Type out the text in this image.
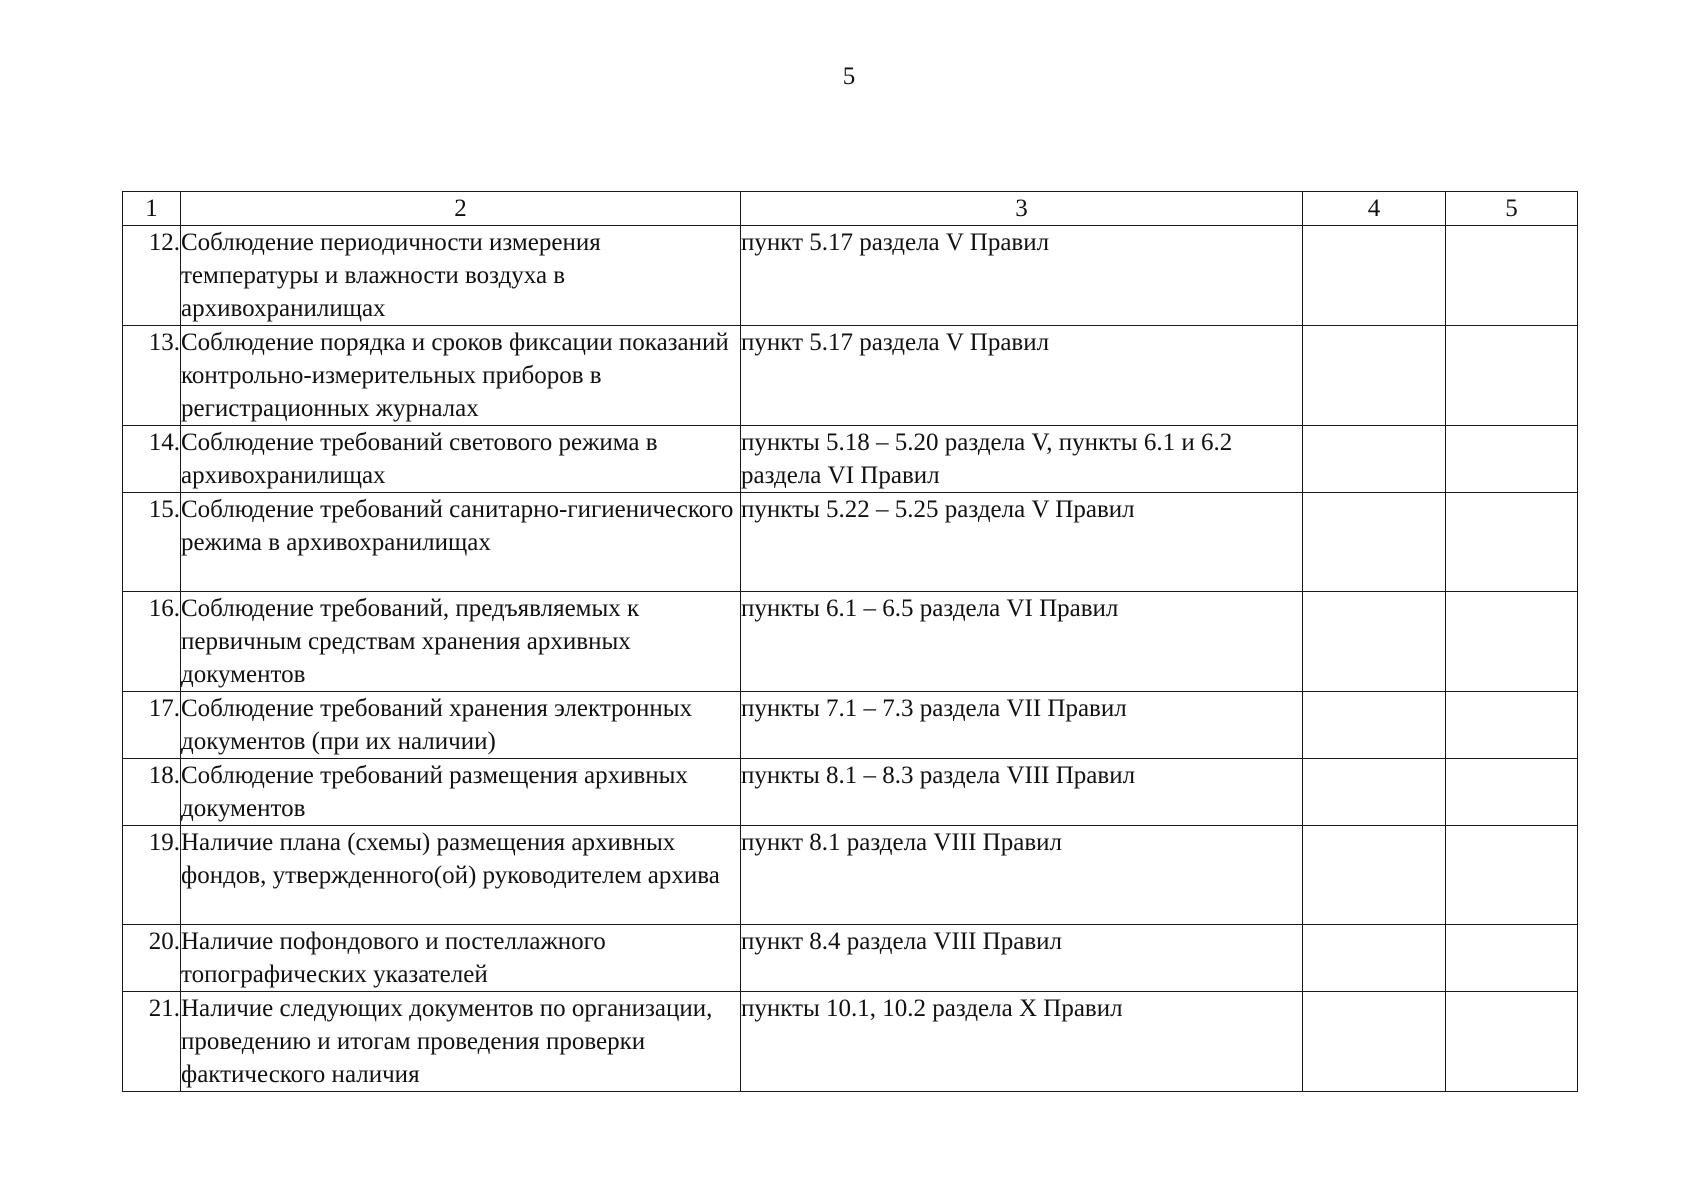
5
1	2	3	4	5
12.	Соблюдение периодичности измерения температуры и влажности воздуха в архивохранилищах	пункт 5.17 раздела V Правил		
13.	Соблюдение порядка и сроков фиксации показаний контрольно-измерительных приборов в регистрационных журналах	пункт 5.17 раздела V Правил		
14.	Соблюдение требований светового режима в архивохранилищах	пункты 5.18 – 5.20 раздела V, пункты 6.1 и 6.2 раздела VI Правил		
15.	Соблюдение требований санитарно-гигиенического режима в архивохранилищах	пункты 5.22 – 5.25 раздела V Правил		
16.	Соблюдение требований, предъявляемых к первичным средствам хранения архивных документов	пункты 6.1 – 6.5 раздела VI Правил		
17.	Соблюдение требований хранения электронных документов (при их наличии)	пункты 7.1 – 7.3 раздела VII Правил		
18.	Соблюдение требований размещения архивных документов	пункты 8.1 – 8.3 раздела VIII Правил		
19.	Наличие плана (схемы) размещения архивных фондов, утвержденного(ой) руководителем архива	пункт 8.1 раздела VIII Правил		
20.	Наличие пофондового и постеллажного топографических указателей	пункт 8.4 раздела VIII Правил		
21.	Наличие следующих документов по организации, проведению и итогам проведения проверки фактического наличия	пункты 10.1, 10.2 раздела X Правил		
